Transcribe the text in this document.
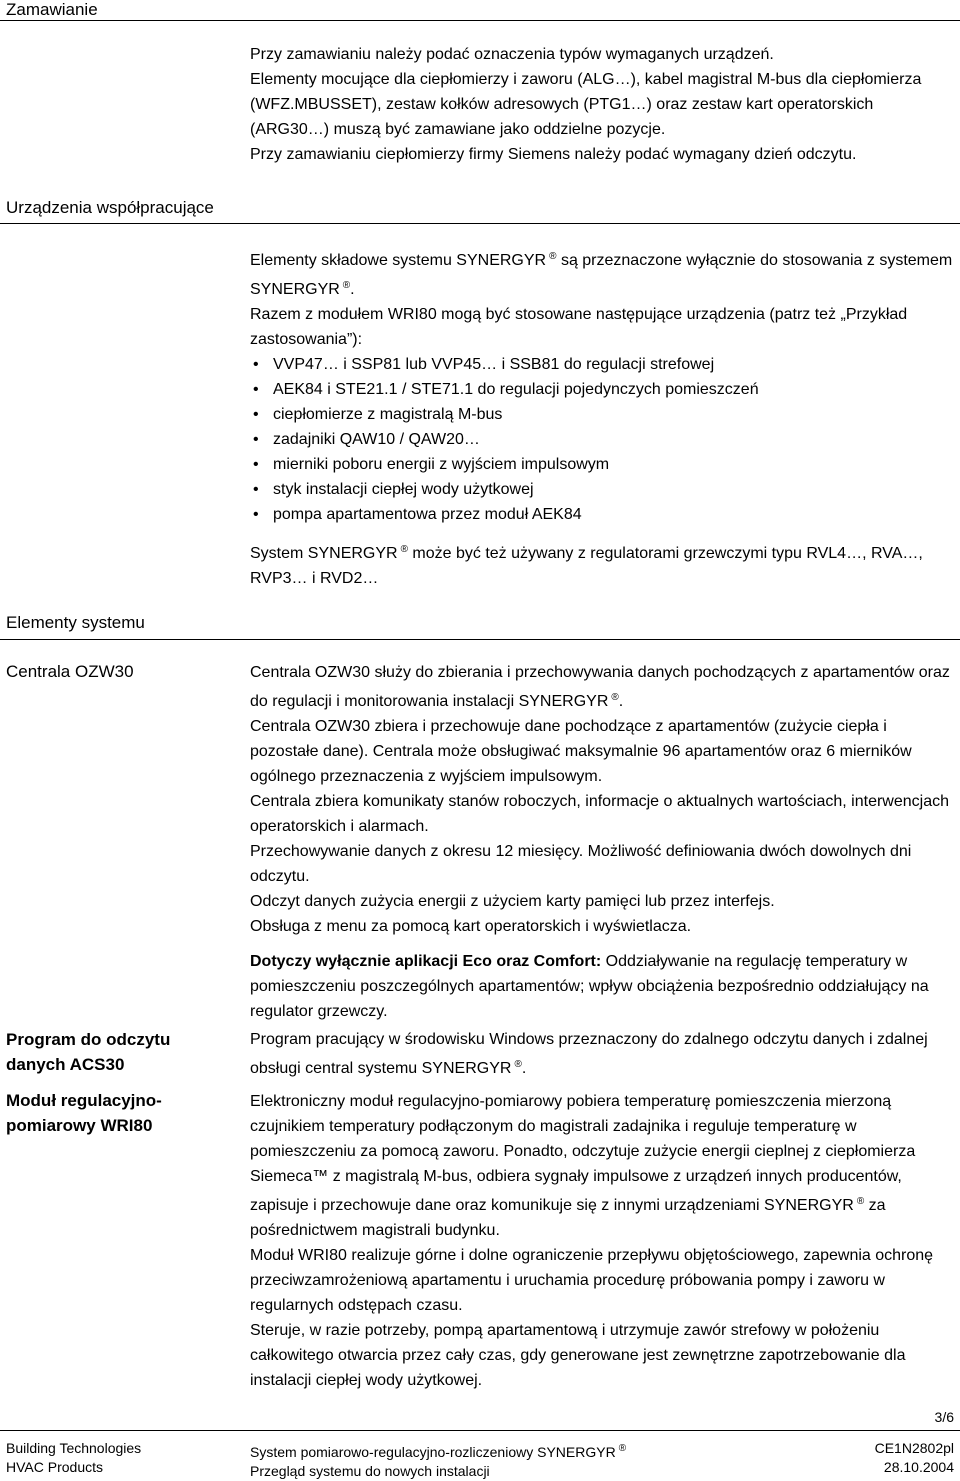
Zamawianie

Przy zamawianiu należy podać oznaczenia typów wymaganych urządzeń.

Elementy mocujące dla ciepłomierzy i zaworu (ALG…), kabel magistral M-bus dla ciepłomierza (WFZ.MBUSSET), zestaw kołków adresowych (PTG1…) oraz zestaw kart operatorskich (ARG30…) muszą być zamawiane jako oddzielne pozycje.

Przy zamawianiu ciepłomierzy firmy Siemens należy podać wymagany dzień odczytu.

Urządzenia współpracujące

Elementy składowe systemu SYNERGYR ® są przeznaczone wyłącznie do stosowania z systemem SYNERGYR ®.

Razem z modułem WRI80 mogą być stosowane następujące urządzenia (patrz też „Przykład zastosowania”):

• VVP47… i SSP81 lub VVP45… i SSB81 do regulacji strefowej
• AEK84 i STE21.1 / STE71.1 do regulacji pojedynczych pomieszczeń
• ciepłomierze z magistralą M-bus
• zadajniki QAW10 / QAW20…
• mierniki poboru energii z wyjściem impulsowym
• styk instalacji ciepłej wody użytkowej
• pompa apartamentowa przez moduł AEK84

System SYNERGYR ® może być też używany z regulatorami grzewczymi typu RVL4…, RVA…, RVP3… i RVD2…

Elementy systemu
Centrala OZW30	Centrala OZW30 służy do zbierania i przechowywania danych pochodzących z apartamentów oraz do regulacji i monitorowania instalacji SYNERGYR ®.

Centrala OZW30 zbiera i przechowuje dane pochodzące z apartamentów (zużycie ciepła i pozostałe dane). Centrala może obsługiwać maksymalnie 96 apartamentów oraz 6 mierników ogólnego przeznaczenia z wyjściem impulsowym.

Centrala zbiera komunikaty stanów roboczych, informacje o aktualnych wartościach, interwencjach operatorskich i alarmach.

Przechowywanie danych z okresu 12 miesięcy. Możliwość definiowania dwóch dowolnych dni odczytu.

Odczyt danych zużycia energii z użyciem karty pamięci lub przez interfejs.

Obsługa z menu za pomocą kart operatorskich i wyświetlacza.

Dotyczy wyłącznie aplikacji Eco oraz Comfort: Oddziaływanie na regulację temperatury w pomieszczeniu poszczególnych apartamentów; wpływ obciążenia bezpośrednio oddziałujący na regulator grzewczy.

Program do odczytu danych ACS30

Program pracujący w środowisku Windows przeznaczony do zdalnego odczytu danych i zdalnej obsługi central systemu SYNERGYR ®.

Moduł regulacyjno-pomiarowy WRI80

Elektroniczny moduł regulacyjno-pomiarowy pobiera temperaturę pomieszczenia mierzoną czujnikiem temperatury podłączonym do magistrali zadajnika i reguluje temperaturę w pomieszczeniu za pomocą zaworu. Ponadto, odczytuje zużycie energii cieplnej z ciepłomierza Siemeca™ z magistralą M-bus, odbiera sygnały impulsowe z urządzeń innych producentów, zapisuje i przechowuje dane oraz komunikuje się z innymi urządzeniami SYNERGYR ® za pośrednictwem magistrali budynku.

Moduł WRI80 realizuje górne i dolne ograniczenie przepływu objętościowego, zapewnia ochronę przeciwzamrożeniową apartamentu i uruchamia procedurę próbowania pompy i zaworu w regularnych odstępach czasu.

Steruje, w razie potrzeby, pompą apartamentową i utrzymuje zawór strefowy w położeniu całkowitego otwarcia przez cały czas, gdy generowane jest zewnętrzne zapotrzebowanie dla instalacji ciepłej wody użytkowej.

3/6
Building Technologies
HVAC Products
System pomiarowo-regulacyjno-rozliczeniowy SYNERGYR ®
Przegląd systemu do nowych instalacji
CE1N2802pl
28.10.2004
